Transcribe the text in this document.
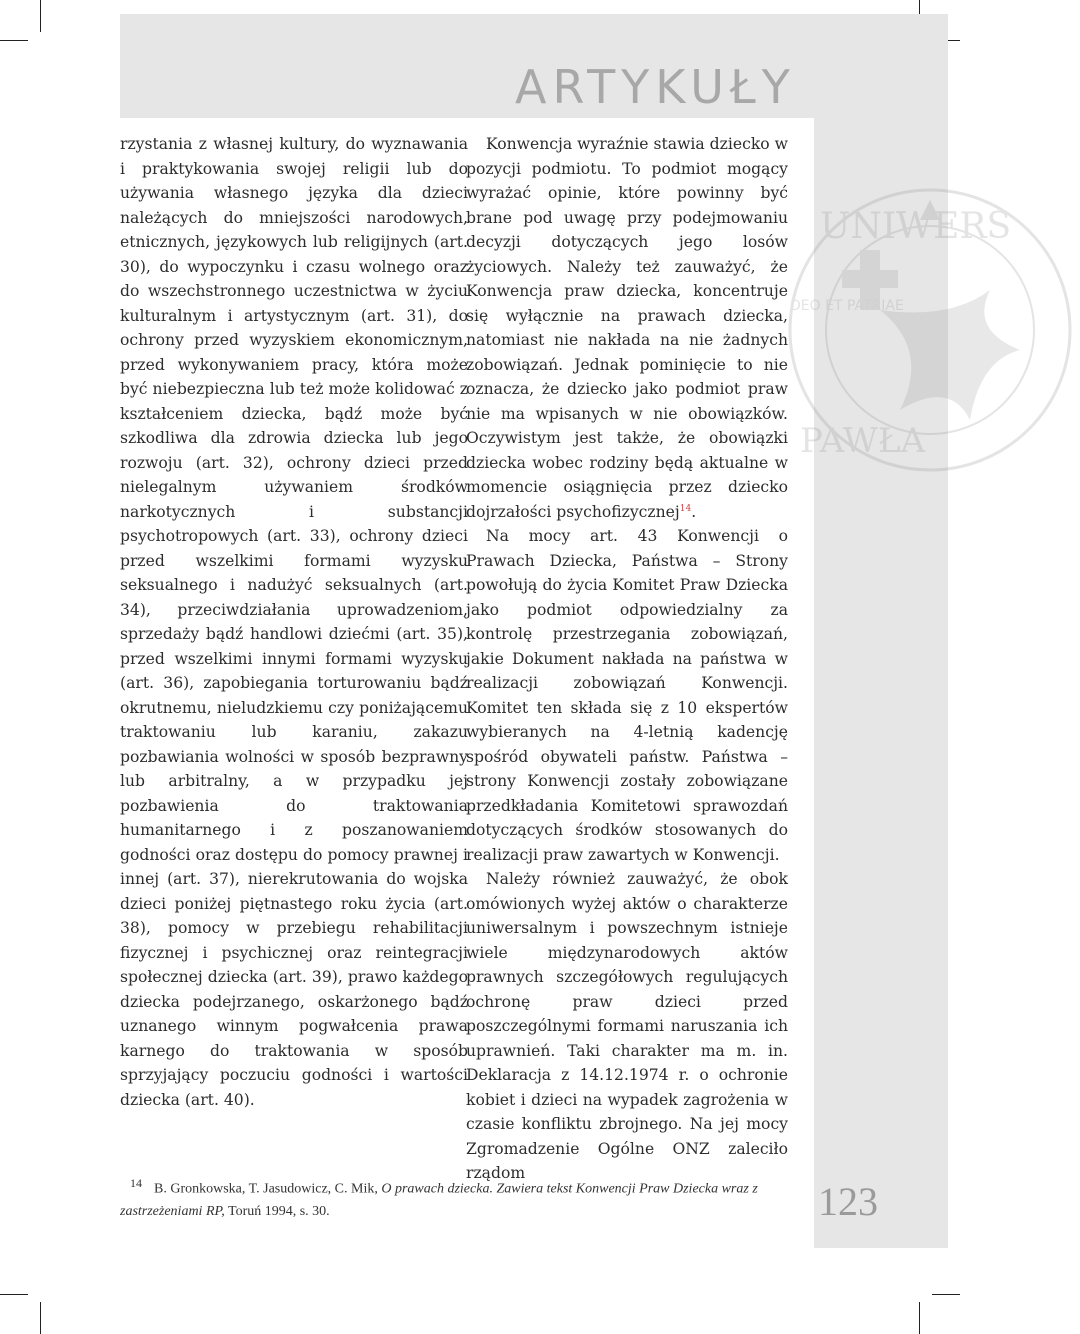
ARTYKUŁY
UNIWERS
DEO ET PATRIAE
PAWŁA

rzystania z własnej kultury, do wyznawania i praktykowania swojej religii lub do używania własnego języka dla dzieci należących do mniejszości narodowych, etnicznych, językowych lub religijnych (art. 30), do wypoczynku i czasu wolnego oraz do wszechstronnego uczestnictwa w życiu kulturalnym i artystycznym (art. 31), do ochrony przed wyzyskiem ekonomicznym, przed wykonywaniem pracy, która może być niebezpieczna lub też może kolidować z kształceniem dziecka, bądź może być szkodliwa dla zdrowia dziecka lub jego rozwoju (art. 32), ochrony dzieci przed nielegalnym używaniem środków narkotycznych i substancji psychotropowych (art. 33), ochrony dzieci przed wszelkimi formami wyzysku seksualnego i nadużyć seksualnych (art. 34), przeciwdziałania uprowadzeniom, sprzedaży bądź handlowi dziećmi (art. 35), przed wszelkimi innymi formami wyzysku (art. 36), zapobiegania torturowaniu bądź okrutnemu, nieludzkiemu czy poniżającemu traktowaniu lub karaniu, zakazu pozbawiania wolności w sposób bezprawny lub arbitralny, a w przypadku jej pozbawienia do traktowania humanitarnego i z poszanowaniem godności oraz dostępu do pomocy prawnej i innej (art. 37), nierekrutowania do wojska dzieci poniżej piętnastego roku życia (art. 38), pomocy w przebiegu rehabilitacji fizycznej i psychicznej oraz reintegracji społecznej dziecka (art. 39), prawo każdego dziecka podejrzanego, oskarżonego bądź uznanego winnym pogwałcenia prawa karnego do traktowania w sposób sprzyjający poczuciu godności i wartości dziecka (art. 40).

Konwencja wyraźnie stawia dziecko w pozycji podmiotu. To podmiot mogący wyrażać opinie, które powinny być brane pod uwagę przy podejmowaniu decyzji dotyczących jego losów życiowych. Należy też zauważyć, że Konwencja praw dziecka, koncentruje się wyłącznie na prawach dziecka, natomiast nie nakłada na nie żadnych zobowiązań. Jednak pominięcie to nie oznacza, że dziecko jako podmiot praw nie ma wpisanych w nie obowiązków. Oczywistym jest także, że obowiązki dziecka wobec rodziny będą aktualne w momencie osiągnięcia przez dziecko dojrzałości psychofizycznej$^{14}$.

Na mocy art. 43 Konwencji o Prawach Dziecka, Państwa – Strony powołują do życia Komitet Praw Dziecka jako podmiot odpowiedzialny za kontrolę przestrzegania zobowiązań, jakie Dokument nakłada na państwa w realizacji zobowiązań Konwencji. Komitet ten składa się z 10 ekspertów wybieranych na 4-letnią kadencję spośród obywateli państw. Państwa – strony Konwencji zostały zobowiązane przedkładania Komitetowi sprawozdań dotyczących środków stosowanych do realizacji praw zawartych w Konwencji.

Należy również zauważyć, że obok omówionych wyżej aktów o charakterze uniwersalnym i powszechnym istnieje wiele międzynarodowych aktów prawnych szczegółowych regulujących ochronę praw dzieci przed poszczególnymi formami naruszania ich uprawnień. Taki charakter ma m. in. Deklaracja z 14.12.1974 r. o ochronie kobiet i dzieci na wypadek zagrożenia w czasie konfliktu zbrojnego. Na jej mocy Zgromadzenie Ogólne ONZ zaleciło rządom

14 B. Gronkowska, T. Jasudowicz, C. Mik, O prawach dziecka. Zawiera tekst Konwencji Praw Dziecka wraz z zastrzeżeniami RP, Toruń 1994, s. 30.	123
